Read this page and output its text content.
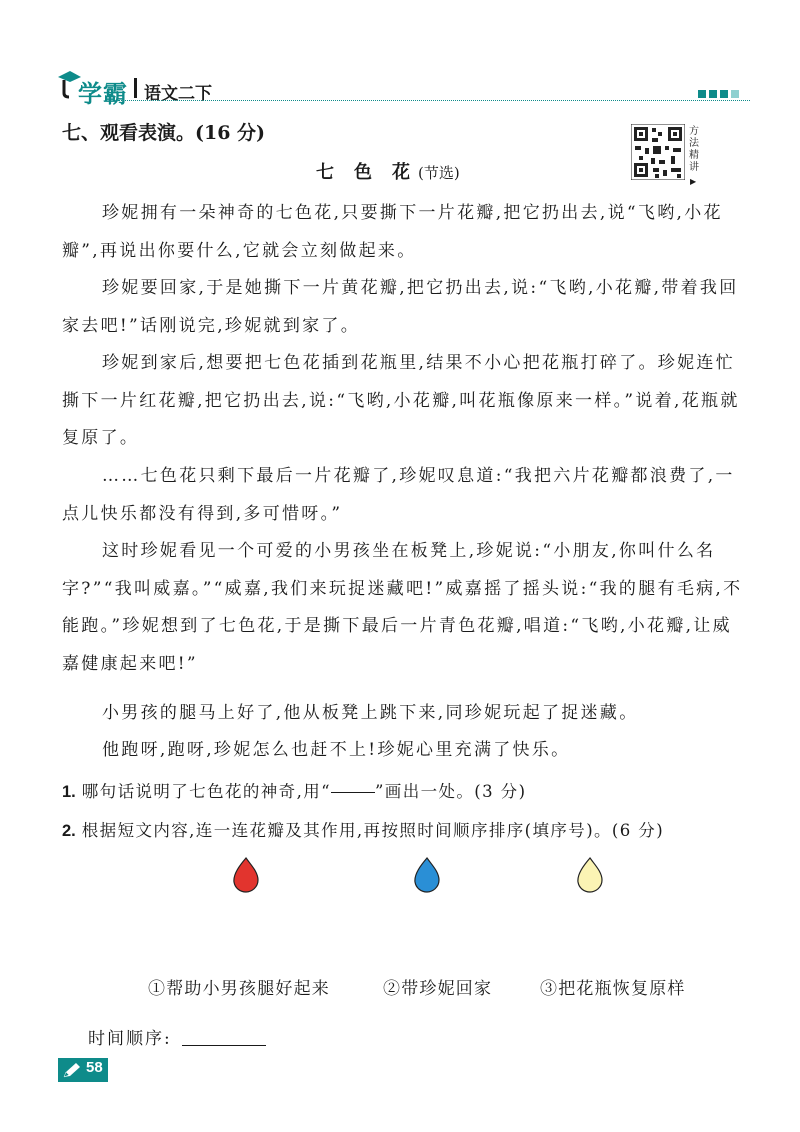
学霸 语文二下
七、观看表演。(16 分)	方法精讲
▶
七色花
(节选)

珍妮拥有一朵神奇的七色花,只要撕下一片花瓣,把它扔出去,说“飞哟,小花瓣”,再说出你要什么,它就会立刻做起来。

珍妮要回家,于是她撕下一片黄花瓣,把它扔出去,说:“飞哟,小花瓣,带着我回家去吧!”话刚说完,珍妮就到家了。

珍妮到家后,想要把七色花插到花瓶里,结果不小心把花瓶打碎了。珍妮连忙撕下一片红花瓣,把它扔出去,说:“飞哟,小花瓣,叫花瓶像原来一样。”说着,花瓶就复原了。

……七色花只剩下最后一片花瓣了,珍妮叹息道:“我把六片花瓣都浪费了,一点儿快乐都没有得到,多可惜呀。”

这时珍妮看见一个可爱的小男孩坐在板凳上,珍妮说:“小朋友,你叫什么名字?”“我叫威嘉。”“威嘉,我们来玩捉迷藏吧!”威嘉摇了摇头说:“我的腿有毛病,不能跑。”珍妮想到了七色花,于是撕下最后一片青色花瓣,唱道:“飞哟,小花瓣,让威嘉健康起来吧!”

小男孩的腿马上好了,他从板凳上跳下来,同珍妮玩起了捉迷藏。

他跑呀,跑呀,珍妮怎么也赶不上!珍妮心里充满了快乐。

1. 哪句话说明了七色花的神奇,用“	”画出一处。(3 分)
2. 根据短文内容,连一连花瓣及其作用,再按照时间顺序排序(填序号)。(6 分)
①帮助小男孩腿好起来	②带珍妮回家	③把花瓶恢复原样
时间顺序:
58
